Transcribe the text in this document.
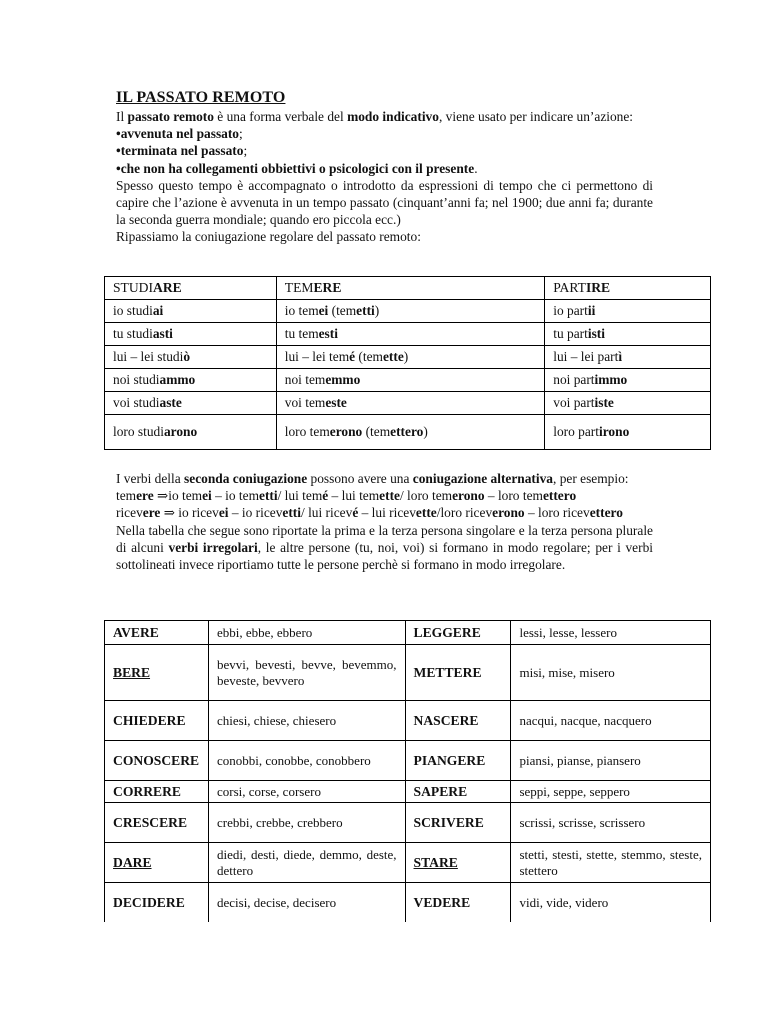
IL PASSATO REMOTO

Il passato remoto è una forma verbale del modo indicativo, viene usato per indicare un’azione:

• avvenuta nel passato;
• terminata nel passato;
• che non ha collegamenti obbiettivi o psicologici con il presente.

Spesso questo tempo è accompagnato o introdotto da espressioni di tempo che ci permettono di capire che l’azione è avvenuta in un tempo passato (cinquant’anni fa; nel 1900; due anni fa; durante la seconda guerra mondiale; quando ero piccola ecc.)

Ripassiamo la coniugazione regolare del passato remoto:

STUDIARE	TEMERE	PARTIRE
io studiai	io temei (temetti)	io partii
tu studiasti	tu temesti	tu partisti
lui – lei studiò	lui – lei temé (temette)	lui – lei partì
noi studiammo	noi tememmo	noi partimmo
voi studiaste	voi temeste	voi partiste
loro studiarono	loro temerono (temettero)	loro partirono

I verbi della seconda coniugazione possono avere una coniugazione alternativa, per esempio:

temere ⇒io temei – io temetti/ lui temé – lui temette/ loro temerono – loro temettero

ricevere ⇒ io ricevei – io ricevetti/ lui ricevé – lui ricevette/loro riceverono – loro ricevettero

Nella tabella che segue sono riportate la prima e la terza persona singolare e la terza persona plurale di alcuni verbi irregolari, le altre persone (tu, noi, voi) si formano in modo regolare; per i verbi sottolineati invece riportiamo tutte le persone perchè si formano in modo irregolare.

AVERE	ebbi, ebbe, ebbero	LEGGERE	lessi, lesse, lessero
BERE	bevvi, bevesti, bevve, bevemmo, beveste, bevvero	METTERE	misi, mise, misero
CHIEDERE	chiesi, chiese, chiesero	NASCERE	nacqui, nacque, nacquero
CONOSCERE	conobbi, conobbe, conobbero	PIANGERE	piansi, pianse, piansero
CORRERE	corsi, corse, corsero	SAPERE	seppi, seppe, seppero
CRESCERE	crebbi, crebbe, crebbero	SCRIVERE	scrissi, scrisse, scrissero
DARE	diedi, desti, diede, demmo, deste, dettero	STARE	stetti, stesti, stette, stemmo, steste, stettero
DECIDERE	decisi, decise, decisero	VEDERE	vidi, vide, videro
